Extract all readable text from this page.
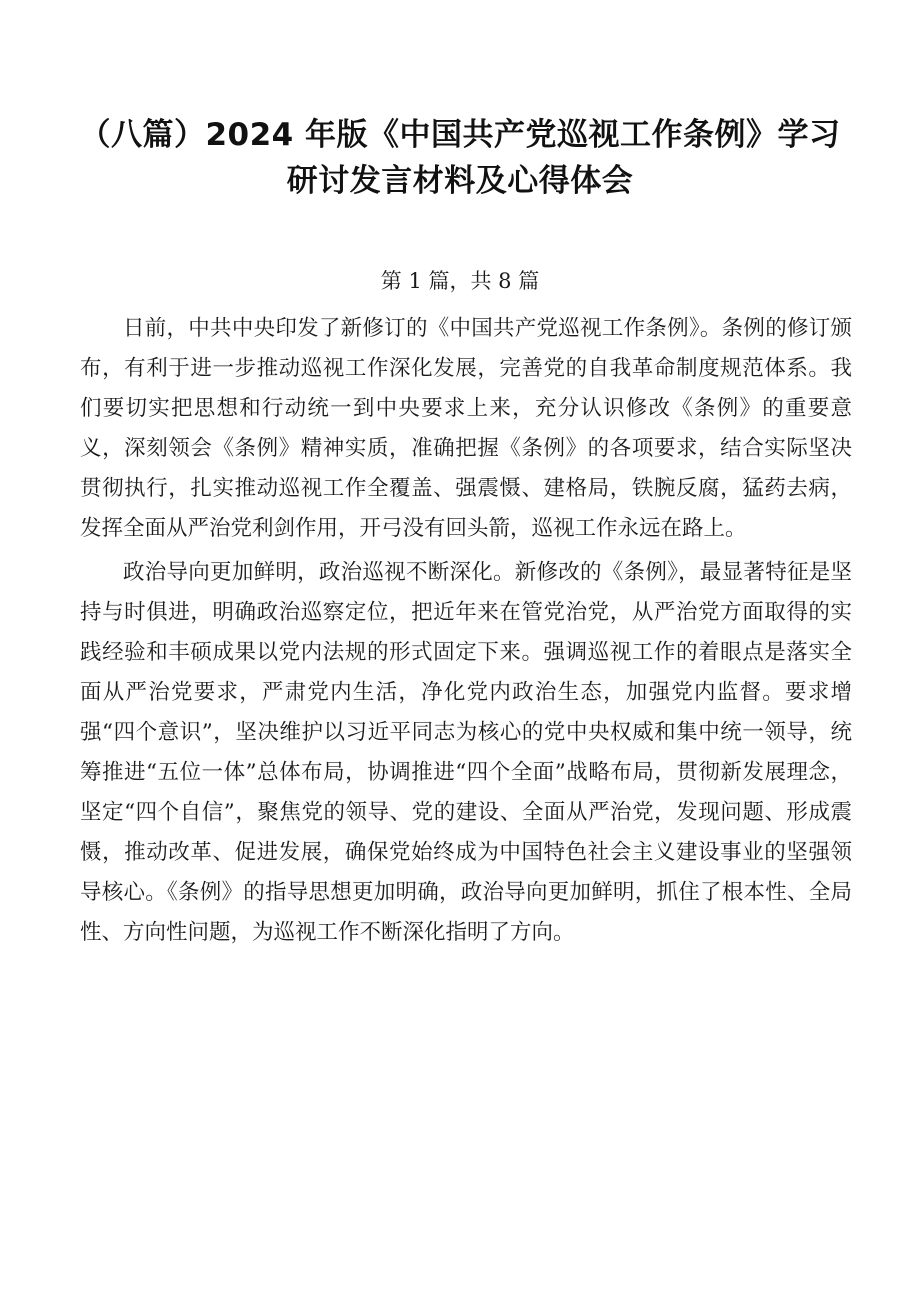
（八篇）2024 年版《中国共产党巡视工作条例》学习
研讨发言材料及心得体会
第 1 篇，共 8 篇

日前，中共中央印发了新修订的《中国共产党巡视工作条例》。条例的修订颁布，有利于进一步推动巡视工作深化发展，完善党的自我革命制度规范体系。我们要切实把思想和行动统一到中央要求上来，充分认识修改《条例》的重要意义，深刻领会《条例》精神实质，准确把握《条例》的各项要求，结合实际坚决贯彻执行，扎实推动巡视工作全覆盖、强震慑、建格局，铁腕反腐，猛药去病，发挥全面从严治党利剑作用，开弓没有回头箭，巡视工作永远在路上。

政治导向更加鲜明，政治巡视不断深化。新修改的《条例》，最显著特征是坚持与时俱进，明确政治巡察定位，把近年来在管党治党，从严治党方面取得的实践经验和丰硕成果以党内法规的形式固定下来。强调巡视工作的着眼点是落实全面从严治党要求，严肃党内生活，净化党内政治生态，加强党内监督。要求增强“四个意识”，坚决维护以习近平同志为核心的党中央权威和集中统一领导，统筹推进“五位一体”总体布局，协调推进“四个全面”战略布局，贯彻新发展理念，坚定“四个自信”，聚焦党的领导、党的建设、全面从严治党，发现问题、形成震慑，推动改革、促进发展，确保党始终成为中国特色社会主义建设事业的坚强领导核心。《条例》的指导思想更加明确，政治导向更加鲜明，抓住了根本性、全局性、方向性问题，为巡视工作不断深化指明了方向。
